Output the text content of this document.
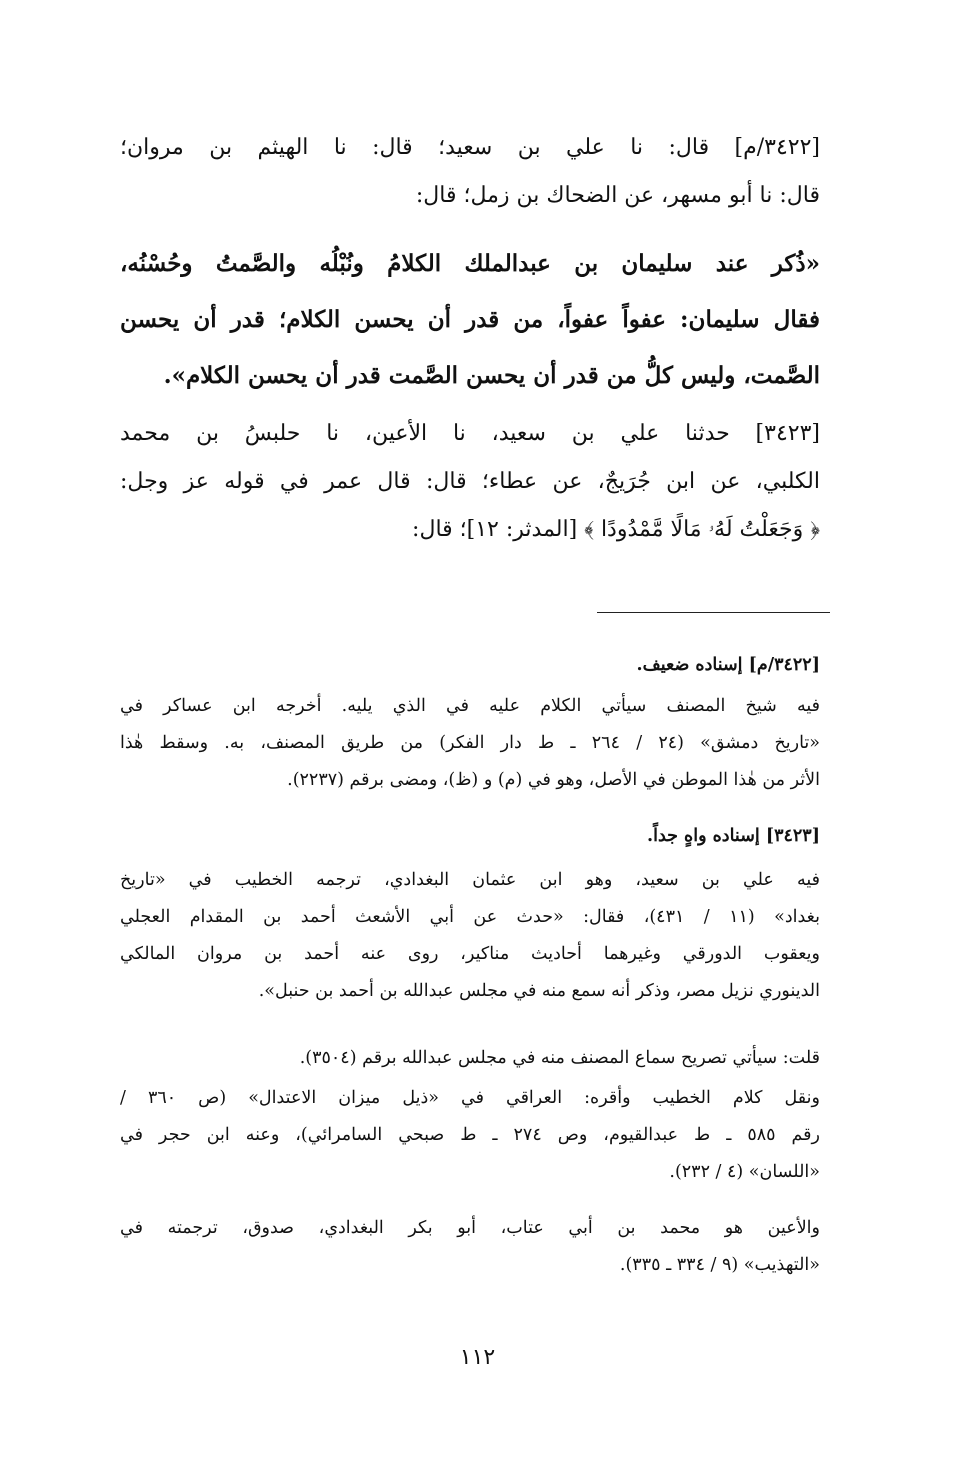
[٣٤٢٢/م] قال: نا علي بن سعيد؛ قال: نا الهيثم بن مروان؛
قال: نا أبو مسهر، عن الضحاك بن زمل؛ قال:
«ذُكر عند سليمان بن عبدالملك الكلامُ ونُبْلُه والصَّمتُ وحُسْنُه،
فقال سليمان: عفواً عفواً، من قدر أن يحسن الكلام؛ قدر أن يحسن
الصَّمت، وليس كلُّ من قدر أن يحسن الصَّمت قدر أن يحسن الكلام».
[٣٤٢٣] حدثنا علي بن سعيد، نا الأعين، نا حلبسُ بن محمد
الكلبي، عن ابن جُرَيجٌ، عن عطاء؛ قال: قال عمر في قوله عز وجل:
﴿ وَجَعَلْتُ لَهُۥ مَالًا مَّمْدُودًا ﴾ [المدثر: ١٢]؛ قال:
[٣٤٢٢/م] إسناده ضعيف.
فيه شيخ المصنف سيأتي الكلام عليه في الذي يليه. أخرجه ابن عساكر في
«تاريخ دمشق» (٢٤ / ٢٦٤ ـ ط دار الفكر) من طريق المصنف، به. وسقط هٰذا
الأثر من هٰذا الموطن في الأصل، وهو في (م) و (ظ)، ومضى برقم (٢٢٣٧).
[٣٤٢٣] إسناده واهٍ جداً.
فيه علي بن سعيد، وهو ابن عثمان البغدادي، ترجمه الخطيب في «تاريخ
بغداد» (١١ / ٤٣١)، فقال: «حدث عن أبي الأشعث أحمد بن المقدام العجلي
ويعقوب الدورقي وغيرهما أحاديث مناكير، روى عنه أحمد بن مروان المالكي
الدينوري نزيل مصر، وذكر أنه سمع منه في مجلس عبدالله بن أحمد بن حنبل».
قلت: سيأتي تصريح سماع المصنف منه في مجلس عبدالله برقم (٣٥٠٤).
ونقل كلام الخطيب وأقره: العراقي في «ذيل ميزان الاعتدال» (ص ٣٦٠ /
رقم ٥٨٥ ـ ط عبدالقيوم، وص ٢٧٤ ـ ط صبحي السامرائي)، وعنه ابن حجر في
«اللسان» (٤ / ٢٣٢).
والأعين هو محمد بن أبي عتاب، أبو بكر البغدادي، صدوق، ترجمته في
«التهذيب» (٩ / ٣٣٤ ـ ٣٣٥).
١١٢
